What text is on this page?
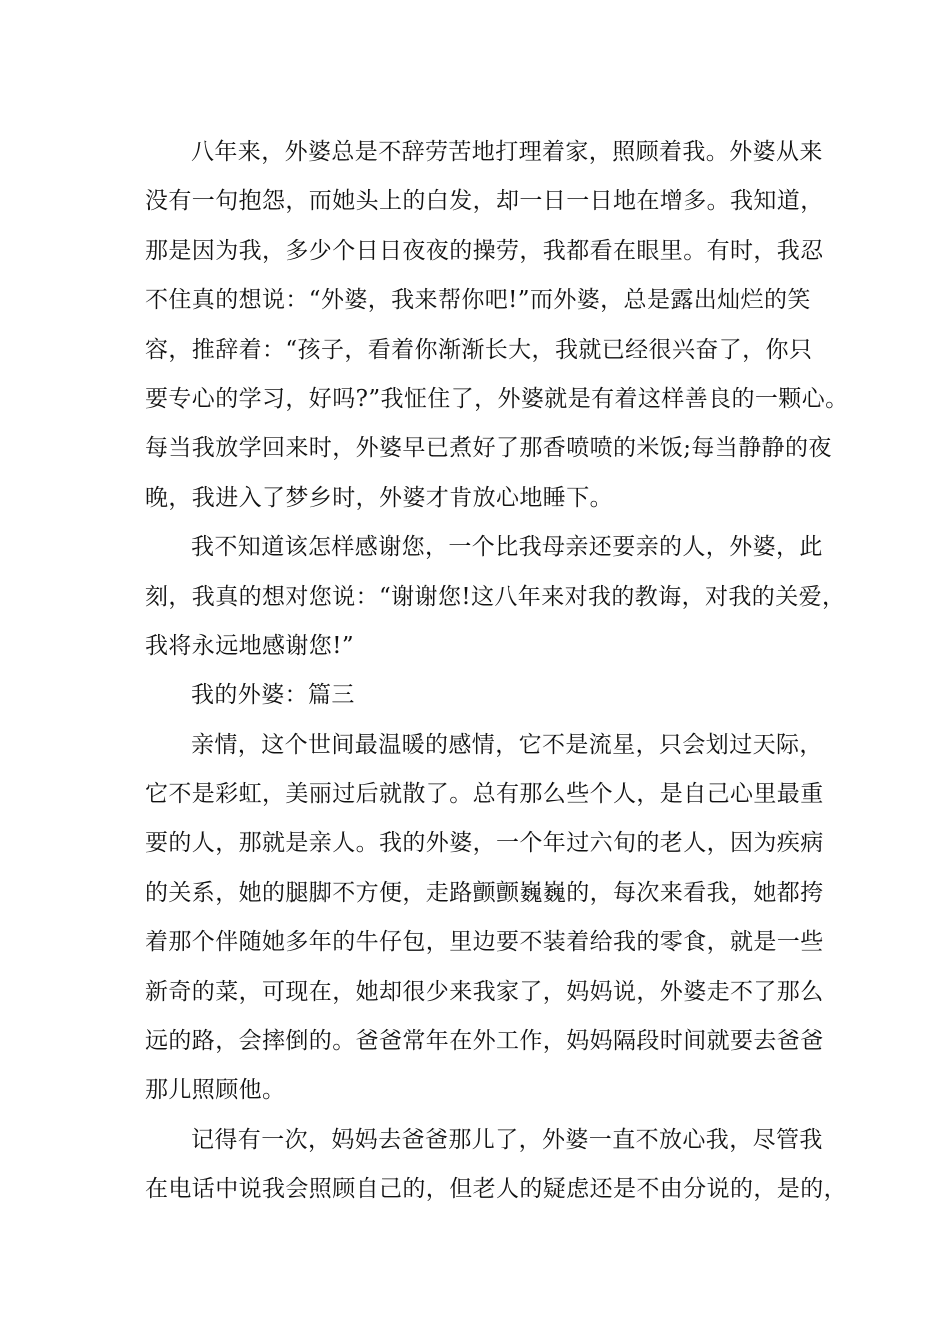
八年来，外婆总是不辞劳苦地打理着家，照顾着我。外婆从来
没有一句抱怨，而她头上的白发，却一日一日地在增多。我知道，
那是因为我，多少个日日夜夜的操劳，我都看在眼里。有时，我忍
不住真的想说：“外婆，我来帮你吧!”而外婆，总是露出灿烂的笑
容，推辞着：“孩子，看着你渐渐长大，我就已经很兴奋了，你只
要专心的学习，好吗?”我怔住了，外婆就是有着这样善良的一颗心。
每当我放学回来时，外婆早已煮好了那香喷喷的米饭;每当静静的夜
晚，我进入了梦乡时，外婆才肯放心地睡下。
我不知道该怎样感谢您，一个比我母亲还要亲的人，外婆，此
刻，我真的想对您说：“谢谢您!这八年来对我的教诲，对我的关爱，
我将永远地感谢您!”
我的外婆：篇三
亲情，这个世间最温暖的感情，它不是流星，只会划过天际，
它不是彩虹，美丽过后就散了。总有那么些个人，是自己心里最重
要的人，那就是亲人。我的外婆，一个年过六旬的老人，因为疾病
的关系，她的腿脚不方便，走路颤颤巍巍的，每次来看我，她都挎
着那个伴随她多年的牛仔包，里边要不装着给我的零食，就是一些
新奇的菜，可现在，她却很少来我家了，妈妈说，外婆走不了那么
远的路，会摔倒的。爸爸常年在外工作，妈妈隔段时间就要去爸爸
那儿照顾他。
记得有一次，妈妈去爸爸那儿了，外婆一直不放心我，尽管我
在电话中说我会照顾自己的，但老人的疑虑还是不由分说的，是的，
